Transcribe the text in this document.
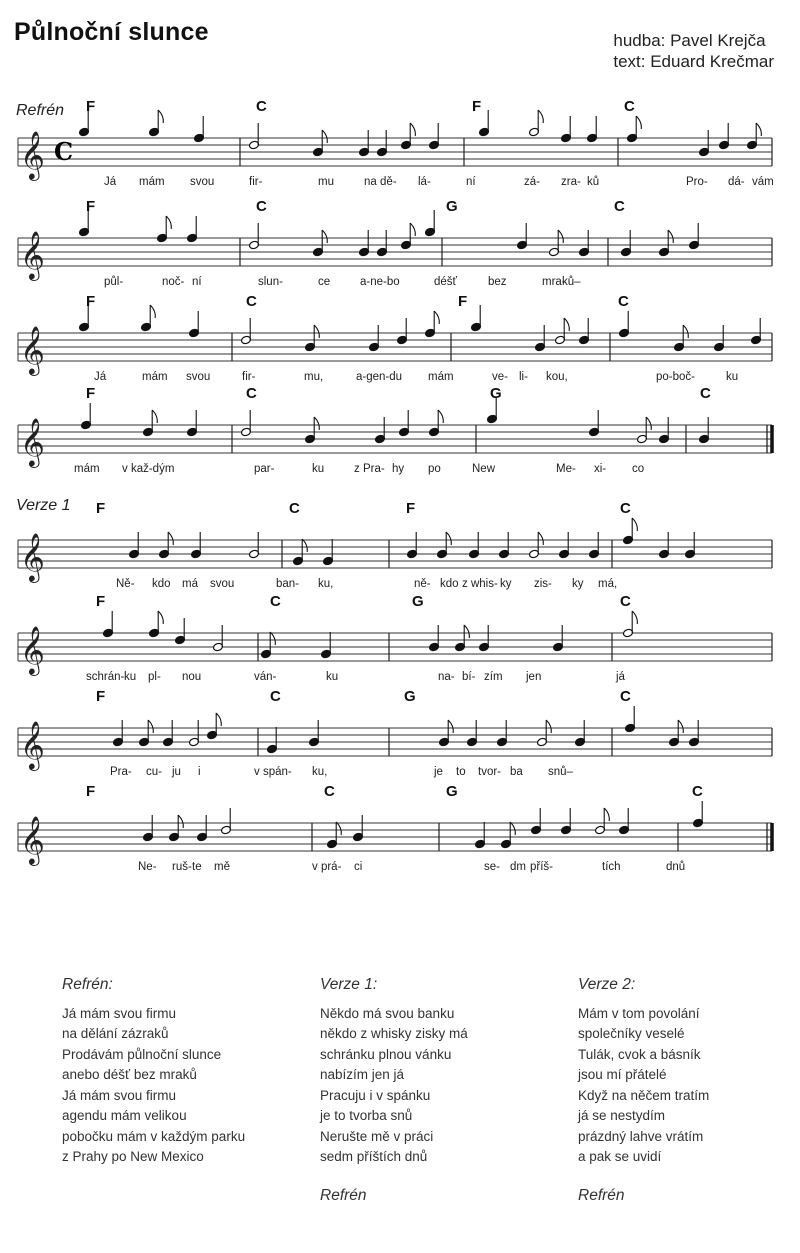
Půlnoční slunce	hudba: Pavel Krejča
text: Eduard Krečmar
Refrén
Verze 1
𝄞 C
F	C	F	C
Já mám svou	fir-	mu	na dě- lá-	ní	zá- zra- ků	Pro- dá- vám
𝄞
F	C	G	C
půl-	noč- ní	slun-	ce	a-ne-bo	déšť	bez	mra-
ků–
𝄞
F	C	F	C
Já	mám svou	fir-	mu,	a-gen-du mám	ve- li- kou,	po-boč-	ku
𝄞
F	C	G	C
mám v kaž-dým	par-	ku	z Pra- hy po	New	Me- xi- co
𝄞
F	C	F	C
Ně- kdo má svou	ban- ku,	ně- kdo z whis- ky zis- ky má,
𝄞
F	C	G	C
schrán- ku pl- nou	ván-	ku	na- bí- zím jen	já
𝄞
F	C	G	C
Pra- cu- ju i	v spán- ku,	je to tvor- ba snů–
𝄞
F	C	G	C
Ne- ruš- te mě	v prá- ci	se- dm příš-	tích	dnů
Refrén:
Já mám svou firmu
na dělání zázraků
Prodávám půlnoční slunce
anebo déšť bez mraků
Já mám svou firmu
agendu mám velikou
pobočku mám v každým parku
z Prahy po New Mexico
Verze 1:
Někdo má svou banku
někdo z whisky zisky má
schránku plnou vánku
nabízím jen já
Pracuju i v spánku
je to tvorba snů
Nerušte mě v práci
sedm příštích dnů
Refrén
Verze 2:
Mám v tom povolání
společníky veselé
Tulák, cvok a básník
jsou mí přátelé
Když na něčem tratím
já se nestydím
prázdný lahve vrátím
a pak se uvidí
Refrén
